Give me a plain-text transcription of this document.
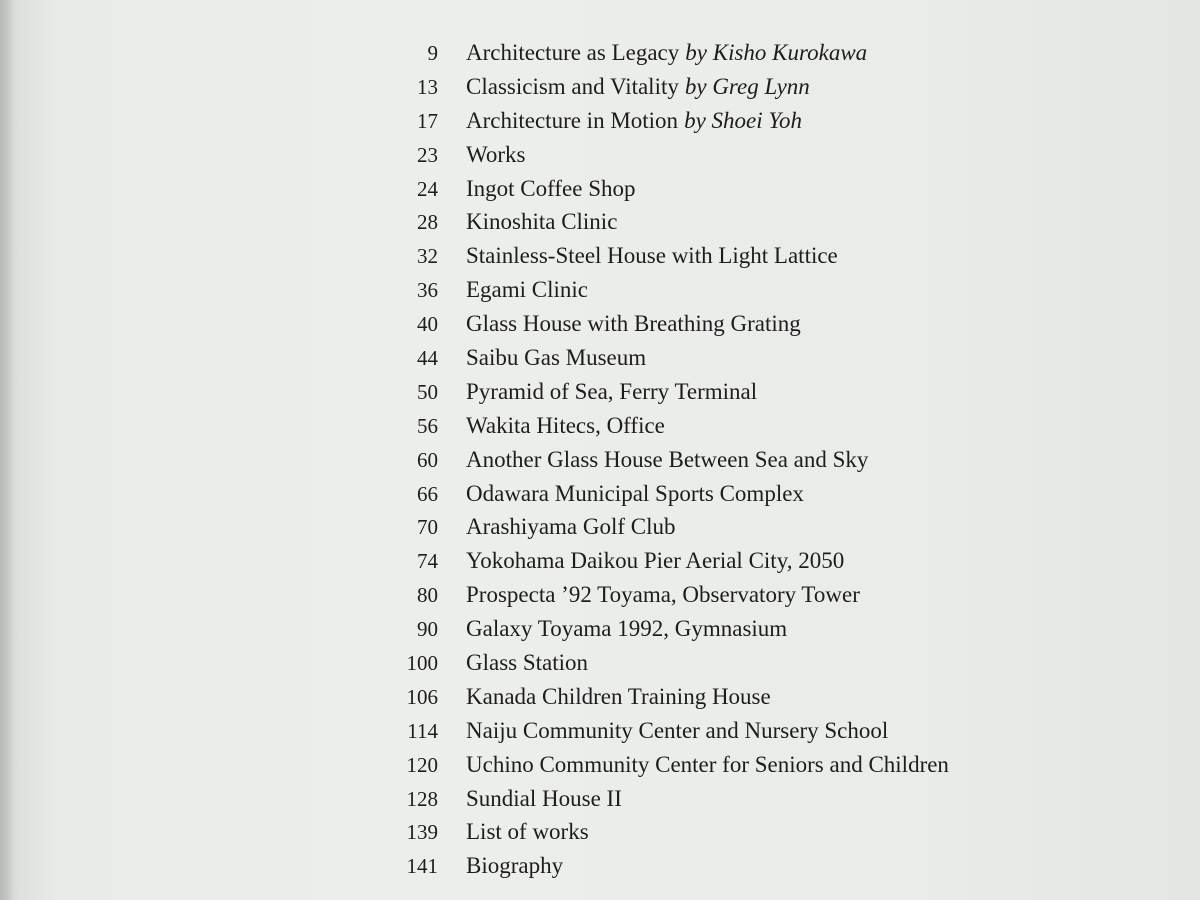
9	Architecture as Legacy by Kisho Kurokawa
13	Classicism and Vitality by Greg Lynn
17	Architecture in Motion by Shoei Yoh
23	Works
24	Ingot Coffee Shop
28	Kinoshita Clinic
32	Stainless-Steel House with Light Lattice
36	Egami Clinic
40	Glass House with Breathing Grating
44	Saibu Gas Museum
50	Pyramid of Sea, Ferry Terminal
56	Wakita Hitecs, Office
60	Another Glass House Between Sea and Sky
66	Odawara Municipal Sports Complex
70	Arashiyama Golf Club
74	Yokohama Daikou Pier Aerial City, 2050
80	Prospecta ’92 Toyama, Observatory Tower
90	Galaxy Toyama 1992, Gymnasium
100	Glass Station
106	Kanada Children Training House
114	Naiju Community Center and Nursery School
120	Uchino Community Center for Seniors and Children
128	Sundial House II
139	List of works
141	Biography
